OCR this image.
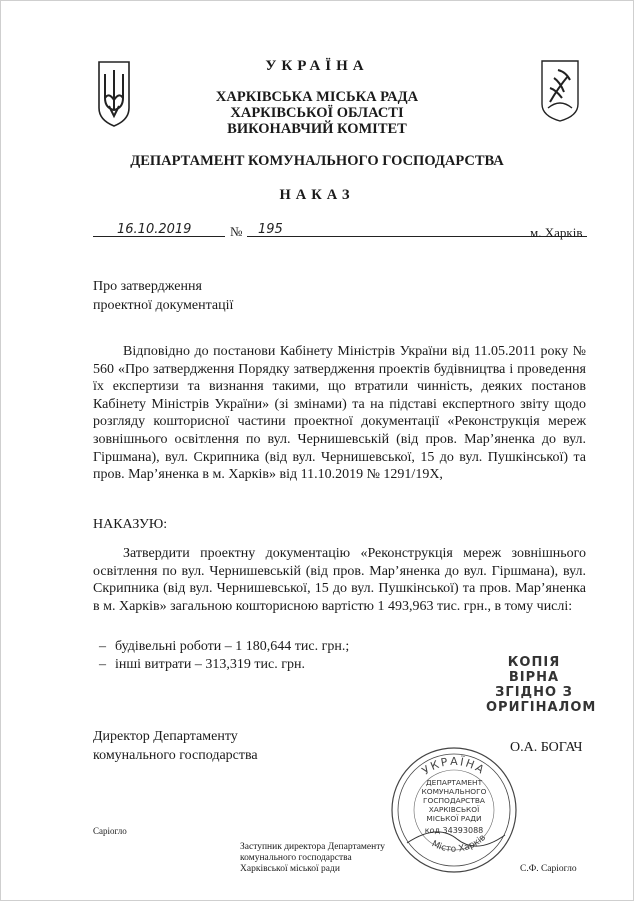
УКРАЇНА
ХАРКІВСЬКА МІСЬКА РАДА
ХАРКІВСЬКОЇ ОБЛАСТІ
ВИКОНАВЧИЙ КОМІТЕТ
ДЕПАРТАМЕНТ КОМУНАЛЬНОГО ГОСПОДАРСТВА
НАКАЗ
16.10.2019	№ 195	м. Харків
Про затвердження
проектної документації

Відповідно до постанови Кабінету Міністрів України від 11.05.2011 року № 560 «Про затвердження Порядку затвердження проектів будівництва і проведення їх експертизи та визнання такими, що втратили чинність, деяких постанов Кабінету Міністрів України» (зі змінами) та на підставі експертного звіту щодо розгляду кошторисної частини проектної документації «Реконструкція мереж зовнішнього освітлення по вул. Чернишевській (від пров. Мар’яненка до вул. Гіршмана), вул. Скрипника (від вул. Чернишевської, 15 до вул. Пушкінської) та пров. Мар’яненка в м. Харків» від 11.10.2019 № 1291/19Х,

НАКАЗУЮ:

Затвердити проектну документацію «Реконструкція мереж зовнішнього освітлення по вул. Чернишевській (від пров. Мар’яненка до вул. Гіршмана), вул. Скрипника (від вул. Чернишевської, 15 до вул. Пушкінської) та пров. Мар’яненка в м. Харків» загальною кошторисною вартістю 1 493,963 тис. грн., в тому числі:

– будівельні роботи – 1 180,644 тис. грн.;
– інші витрати – 313,319 тис. грн.	КОПІЯ ВІРНА
ЗГІДНО З
ОРИГІНАЛОМ
Директор Департаменту
комунального господарства
О.А. БОГАЧ
УКРАЇНА
Місто Харків
ДЕПАРТАМЕНТ
КОМУНАЛЬНОГО
ГОСПОДАРСТВА
ХАРКІВСЬКОЇ
МІСЬКОЇ РАДИ
код 34393088
Саріогло
Заступник директора Департаменту
комунального господарства
Харківської міської ради	С.Ф. Саріогло
